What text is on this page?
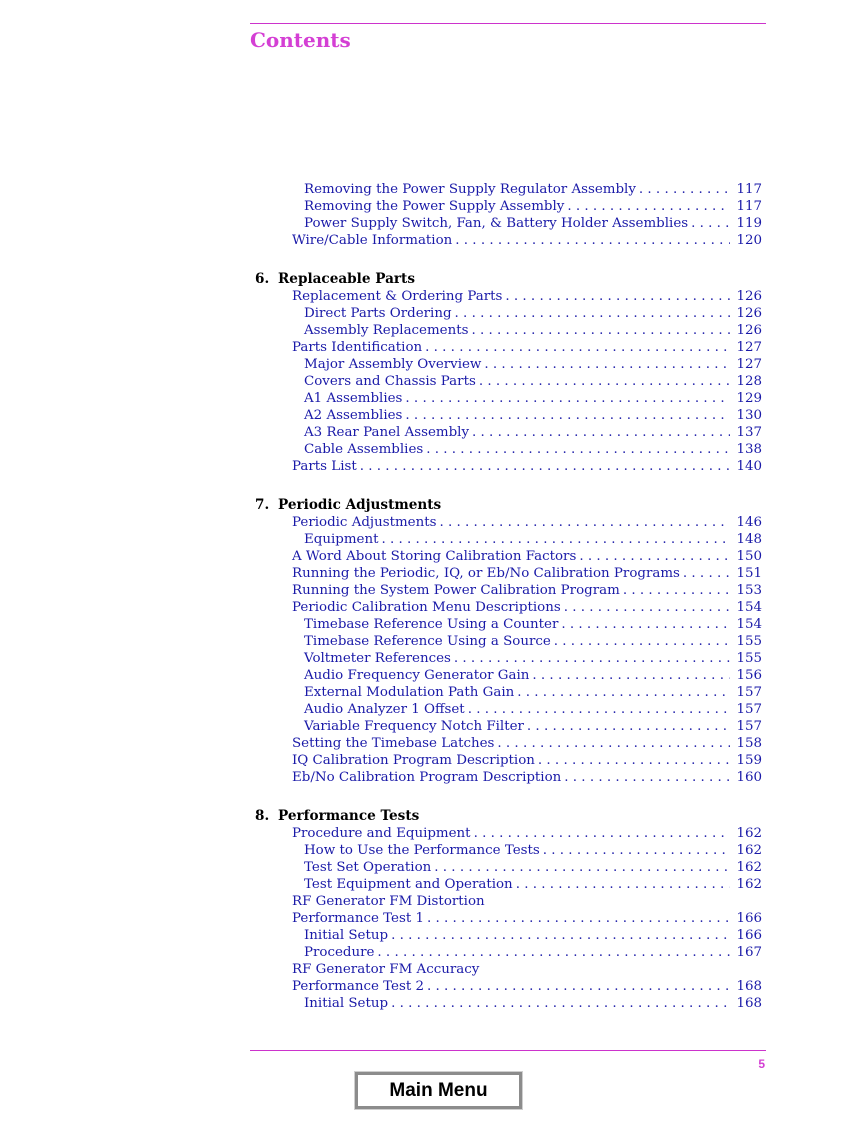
Contents
Removing the Power Supply Regulator Assembly . . .	117
Removing the Power Supply Assembly . . .	117
Power Supply Switch, Fan, & Battery Holder Assemblies . . .	119
Wire/Cable Information . . .	120
6. Replaceable Parts
Replacement & Ordering Parts . . .	126
Direct Parts Ordering . . .	126
Assembly Replacements . . .	126
Parts Identification . . .	127
Major Assembly Overview . . .	127
Covers and Chassis Parts . . .	128
A1 Assemblies . . .	129
A2 Assemblies . . .	130
A3 Rear Panel Assembly . . .	137
Cable Assemblies . . .	138
Parts List . . .	140
7. Periodic Adjustments
Periodic Adjustments . . .	146
Equipment . . .	148
A Word About Storing Calibration Factors . . .	150
Running the Periodic, IQ, or Eb/No Calibration Programs . . .	151
Running the System Power Calibration Program . . .	153
Periodic Calibration Menu Descriptions . . .	154
Timebase Reference Using a Counter . . .	154
Timebase Reference Using a Source . . .	155
Voltmeter References . . .	155
Audio Frequency Generator Gain . . .	156
External Modulation Path Gain . . .	157
Audio Analyzer 1 Offset . . .	157
Variable Frequency Notch Filter . . .	157
Setting the Timebase Latches . . .	158
IQ Calibration Program Description . . .	159
Eb/No Calibration Program Description . . .	160
8. Performance Tests
Procedure and Equipment . . .	162
How to Use the Performance Tests . . .	162
Test Set Operation . . .	162
Test Equipment and Operation . . .	162
RF Generator FM Distortion
Performance Test 1 . . .	166
Initial Setup . . .	166
Procedure . . .	167
RF Generator FM Accuracy
Performance Test 2 . . .	168
Initial Setup . . .	168
5
Main Menu
